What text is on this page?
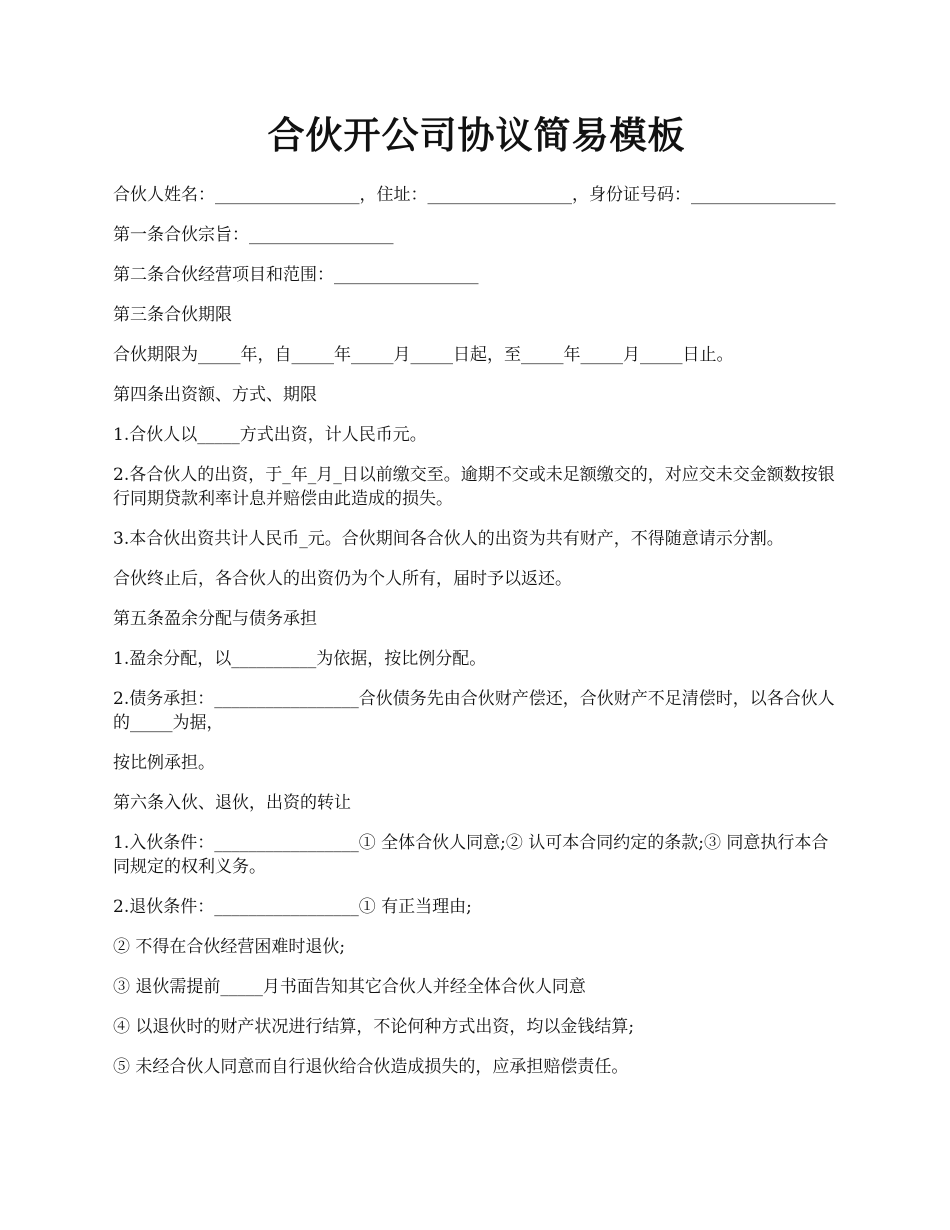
合伙开公司协议简易模板

合伙人姓名：_________________，住址：_________________，身份证号码：_________________

第一条合伙宗旨：_________________

第二条合伙经营项目和范围：_________________

第三条合伙期限

合伙期限为_____年，自_____年_____月_____日起，至_____年_____月_____日止。

第四条出资额、方式、期限

1.合伙人以_____方式出资，计人民币元。

2.各合伙人的出资，于_年_月_日以前缴交至。逾期不交或未足额缴交的，对应交未交金额数按银行同期贷款利率计息并赔偿由此造成的损失。

3.本合伙出资共计人民币_元。合伙期间各合伙人的出资为共有财产，不得随意请示分割。

合伙终止后，各合伙人的出资仍为个人所有，届时予以返还。

第五条盈余分配与债务承担

1.盈余分配，以__________为依据，按比例分配。

2.债务承担：_________________合伙债务先由合伙财产偿还，合伙财产不足清偿时，以各合伙人的_____为据，

按比例承担。

第六条入伙、退伙，出资的转让

1.入伙条件：_________________① 全体合伙人同意;② 认可本合同约定的条款;③ 同意执行本合同规定的权利义务。

2.退伙条件：_________________① 有正当理由;

② 不得在合伙经营困难时退伙;

③ 退伙需提前_____月书面告知其它合伙人并经全体合伙人同意

④ 以退伙时的财产状况进行结算，不论何种方式出资，均以金钱结算;

⑤ 未经合伙人同意而自行退伙给合伙造成损失的，应承担赔偿责任。
